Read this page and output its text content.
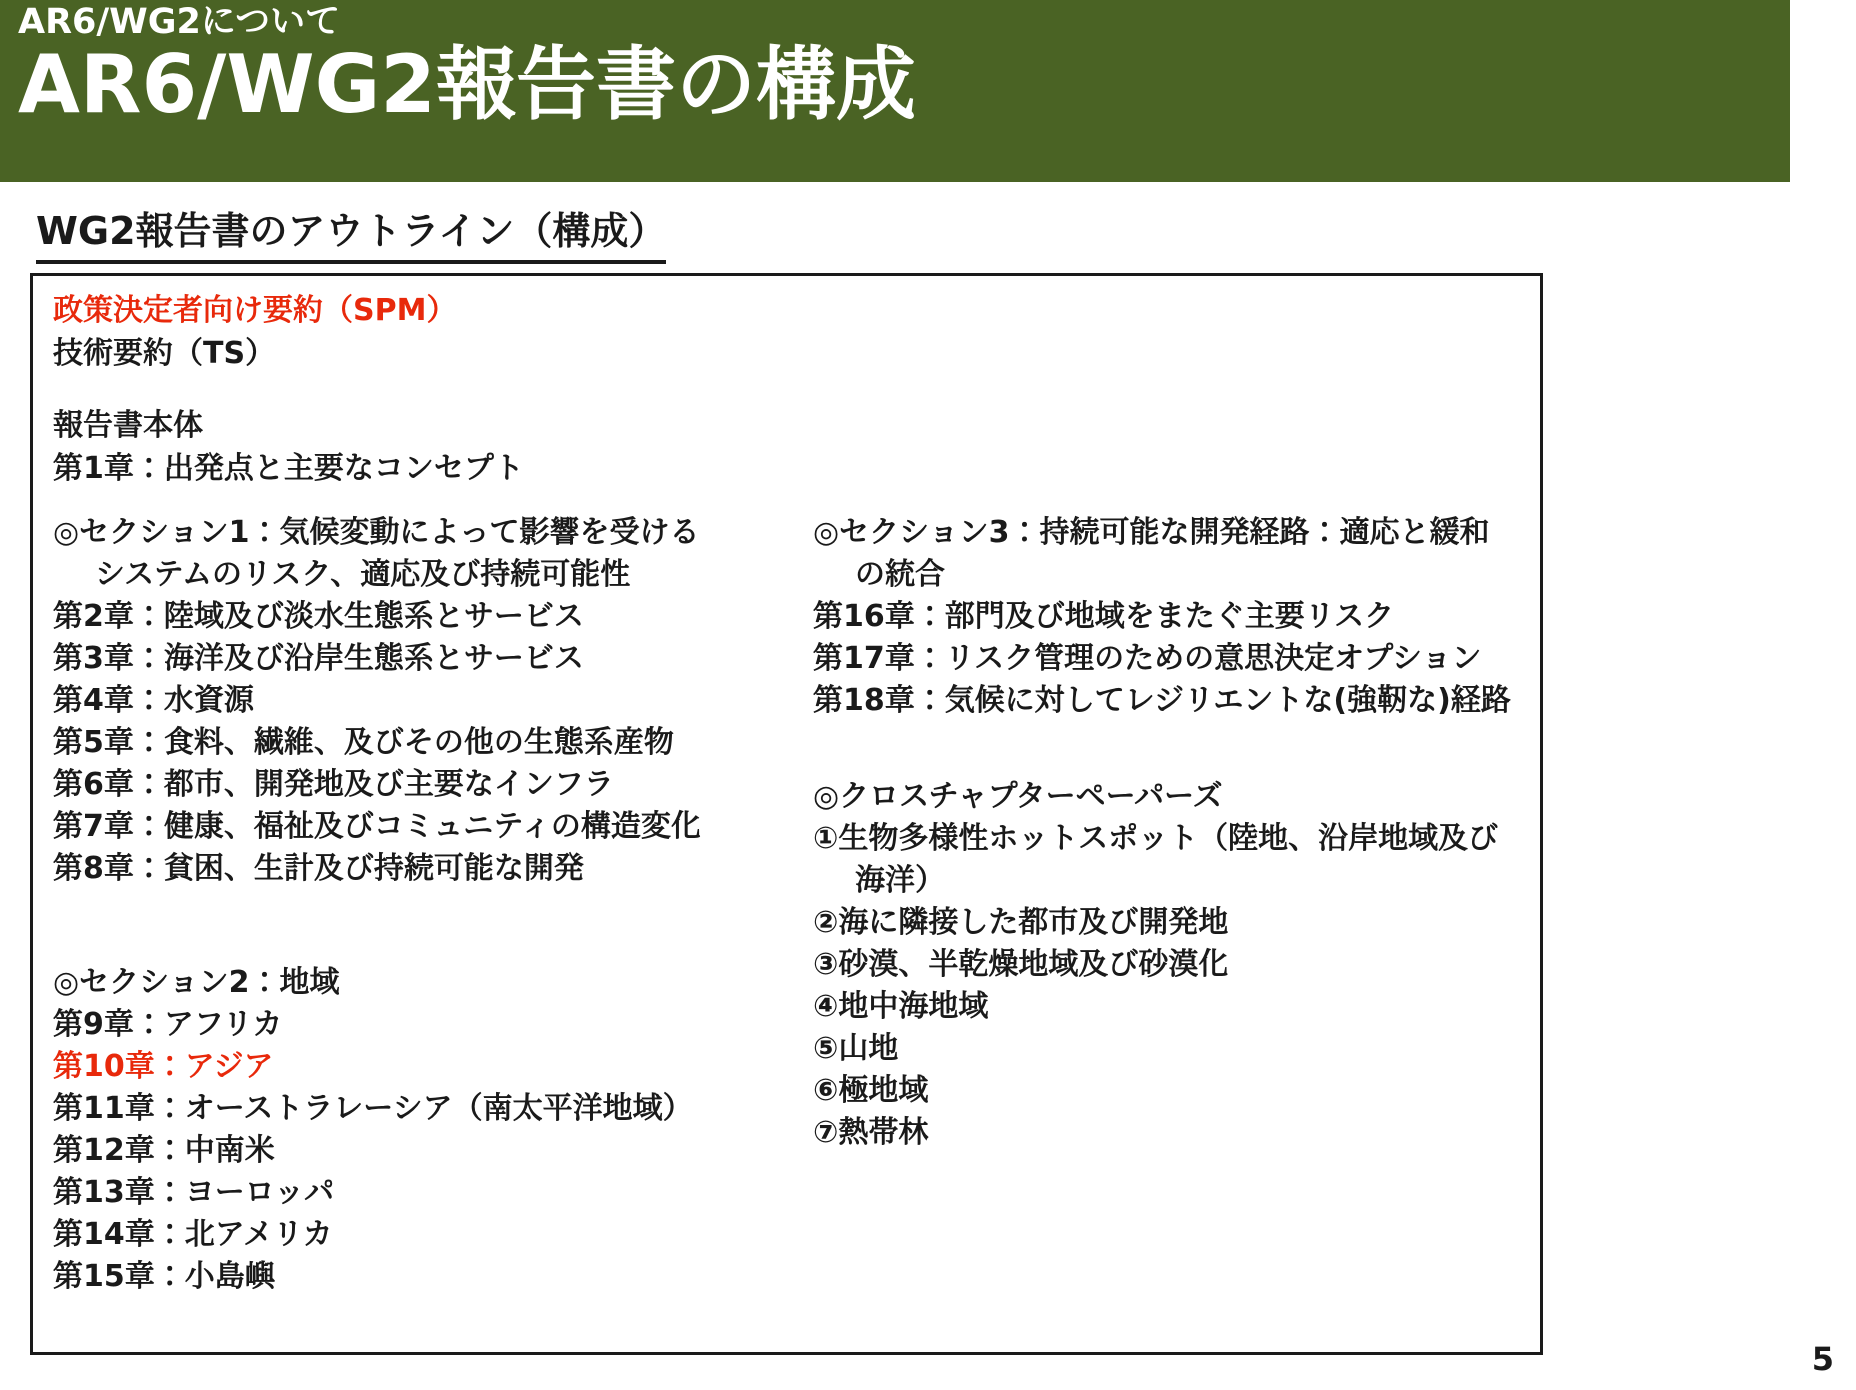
AR6/WG2について
AR6/WG2報告書の構成
WG2報告書のアウトライン（構成）
政策決定者向け要約（SPM）
技術要約（TS）
報告書本体
第1章：出発点と主要なコンセプト
◎セクション1：気候変動によって影響を受ける
システムのリスク、適応及び持続可能性
第2章：陸域及び淡水生態系とサービス
第3章：海洋及び沿岸生態系とサービス
第4章：水資源
第5章：食料、繊維、及びその他の生態系産物
第6章：都市、開発地及び主要なインフラ
第7章：健康、福祉及びコミュニティの構造変化
第8章：貧困、生計及び持続可能な開発
◎セクション2：地域
第9章：アフリカ
第10章：アジア
第11章：オーストラレーシア（南太平洋地域）
第12章：中南米
第13章：ヨーロッパ
第14章：北アメリカ
第15章：小島嶼
◎セクション3：持続可能な開発経路：適応と緩和
の統合
第16章：部門及び地域をまたぐ主要リスク
第17章：リスク管理のための意思決定オプション
第18章：気候に対してレジリエントな(強靭な)経路
◎クロスチャプターペーパーズ
①生物多様性ホットスポット（陸地、沿岸地域及び
海洋）
②海に隣接した都市及び開発地
③砂漠、半乾燥地域及び砂漠化
④地中海地域
⑤山地
⑥極地域
⑦熱帯林
5
